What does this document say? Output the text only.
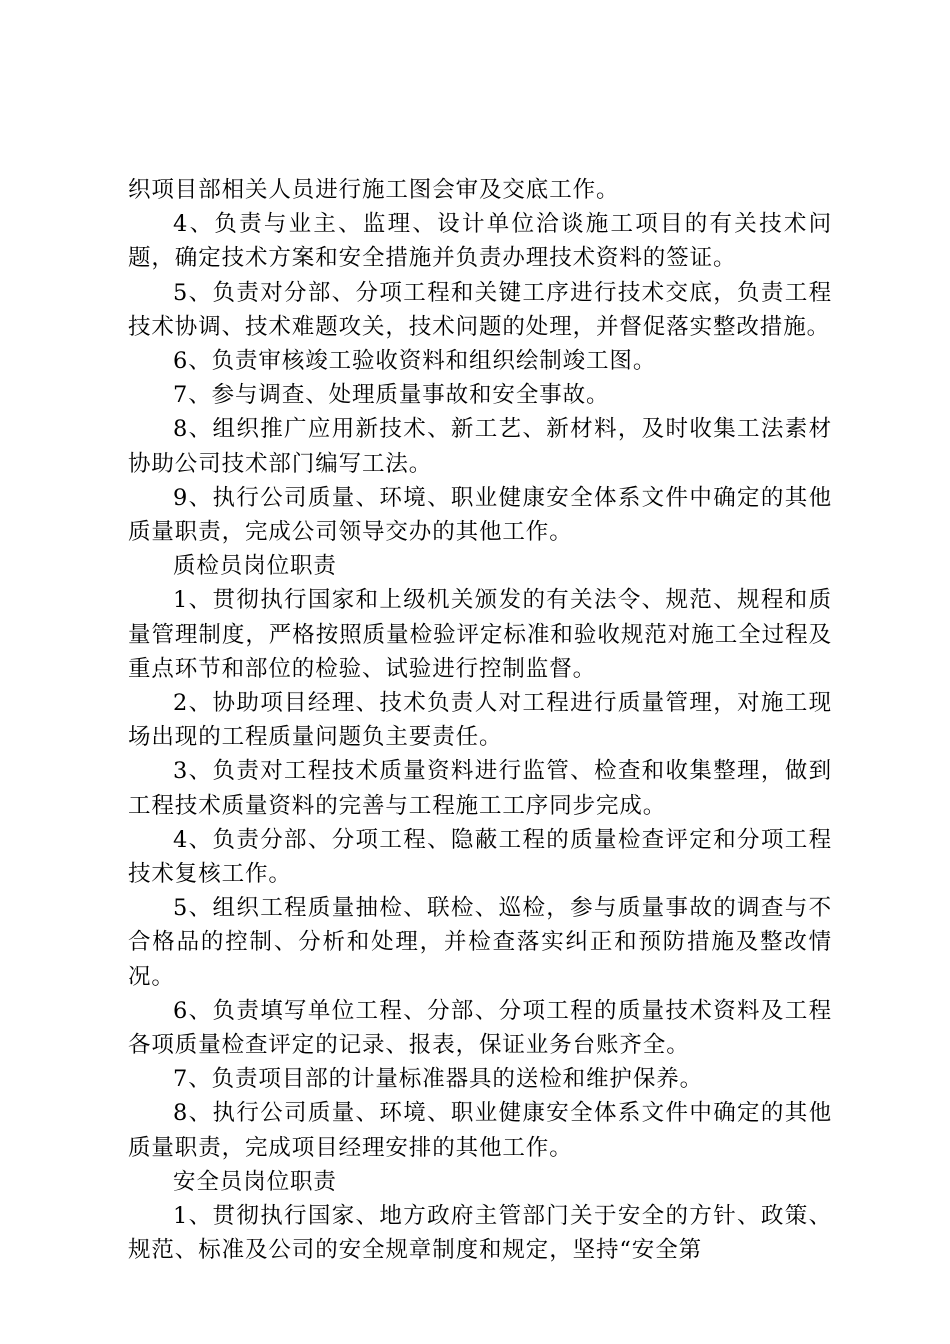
织项目部相关人员进行施工图会审及交底工作。

4、负责与业主、监理、设计单位洽谈施工项目的有关技术问题，确定技术方案和安全措施并负责办理技术资料的签证。

5、负责对分部、分项工程和关键工序进行技术交底，负责工程技术协调、技术难题攻关，技术问题的处理，并督促落实整改措施。

6、负责审核竣工验收资料和组织绘制竣工图。

7、参与调查、处理质量事故和安全事故。

8、组织推广应用新技术、新工艺、新材料，及时收集工法素材协助公司技术部门编写工法。

9、执行公司质量、环境、职业健康安全体系文件中确定的其他质量职责，完成公司领导交办的其他工作。

质检员岗位职责

1、贯彻执行国家和上级机关颁发的有关法令、规范、规程和质量管理制度，严格按照质量检验评定标准和验收规范对施工全过程及重点环节和部位的检验、试验进行控制监督。

2、协助项目经理、技术负责人对工程进行质量管理，对施工现场出现的工程质量问题负主要责任。

3、负责对工程技术质量资料进行监管、检查和收集整理，做到工程技术质量资料的完善与工程施工工序同步完成。

4、负责分部、分项工程、隐蔽工程的质量检查评定和分项工程技术复核工作。

5、组织工程质量抽检、联检、巡检，参与质量事故的调查与不合格品的控制、分析和处理，并检查落实纠正和预防措施及整改情况。

6、负责填写单位工程、分部、分项工程的质量技术资料及工程各项质量检查评定的记录、报表，保证业务台账齐全。

7、负责项目部的计量标准器具的送检和维护保养。

8、执行公司质量、环境、职业健康安全体系文件中确定的其他质量职责，完成项目经理安排的其他工作。

安全员岗位职责

1、贯彻执行国家、地方政府主管部门关于安全的方针、政策、规范、标准及公司的安全规章制度和规定，坚持“安全第
